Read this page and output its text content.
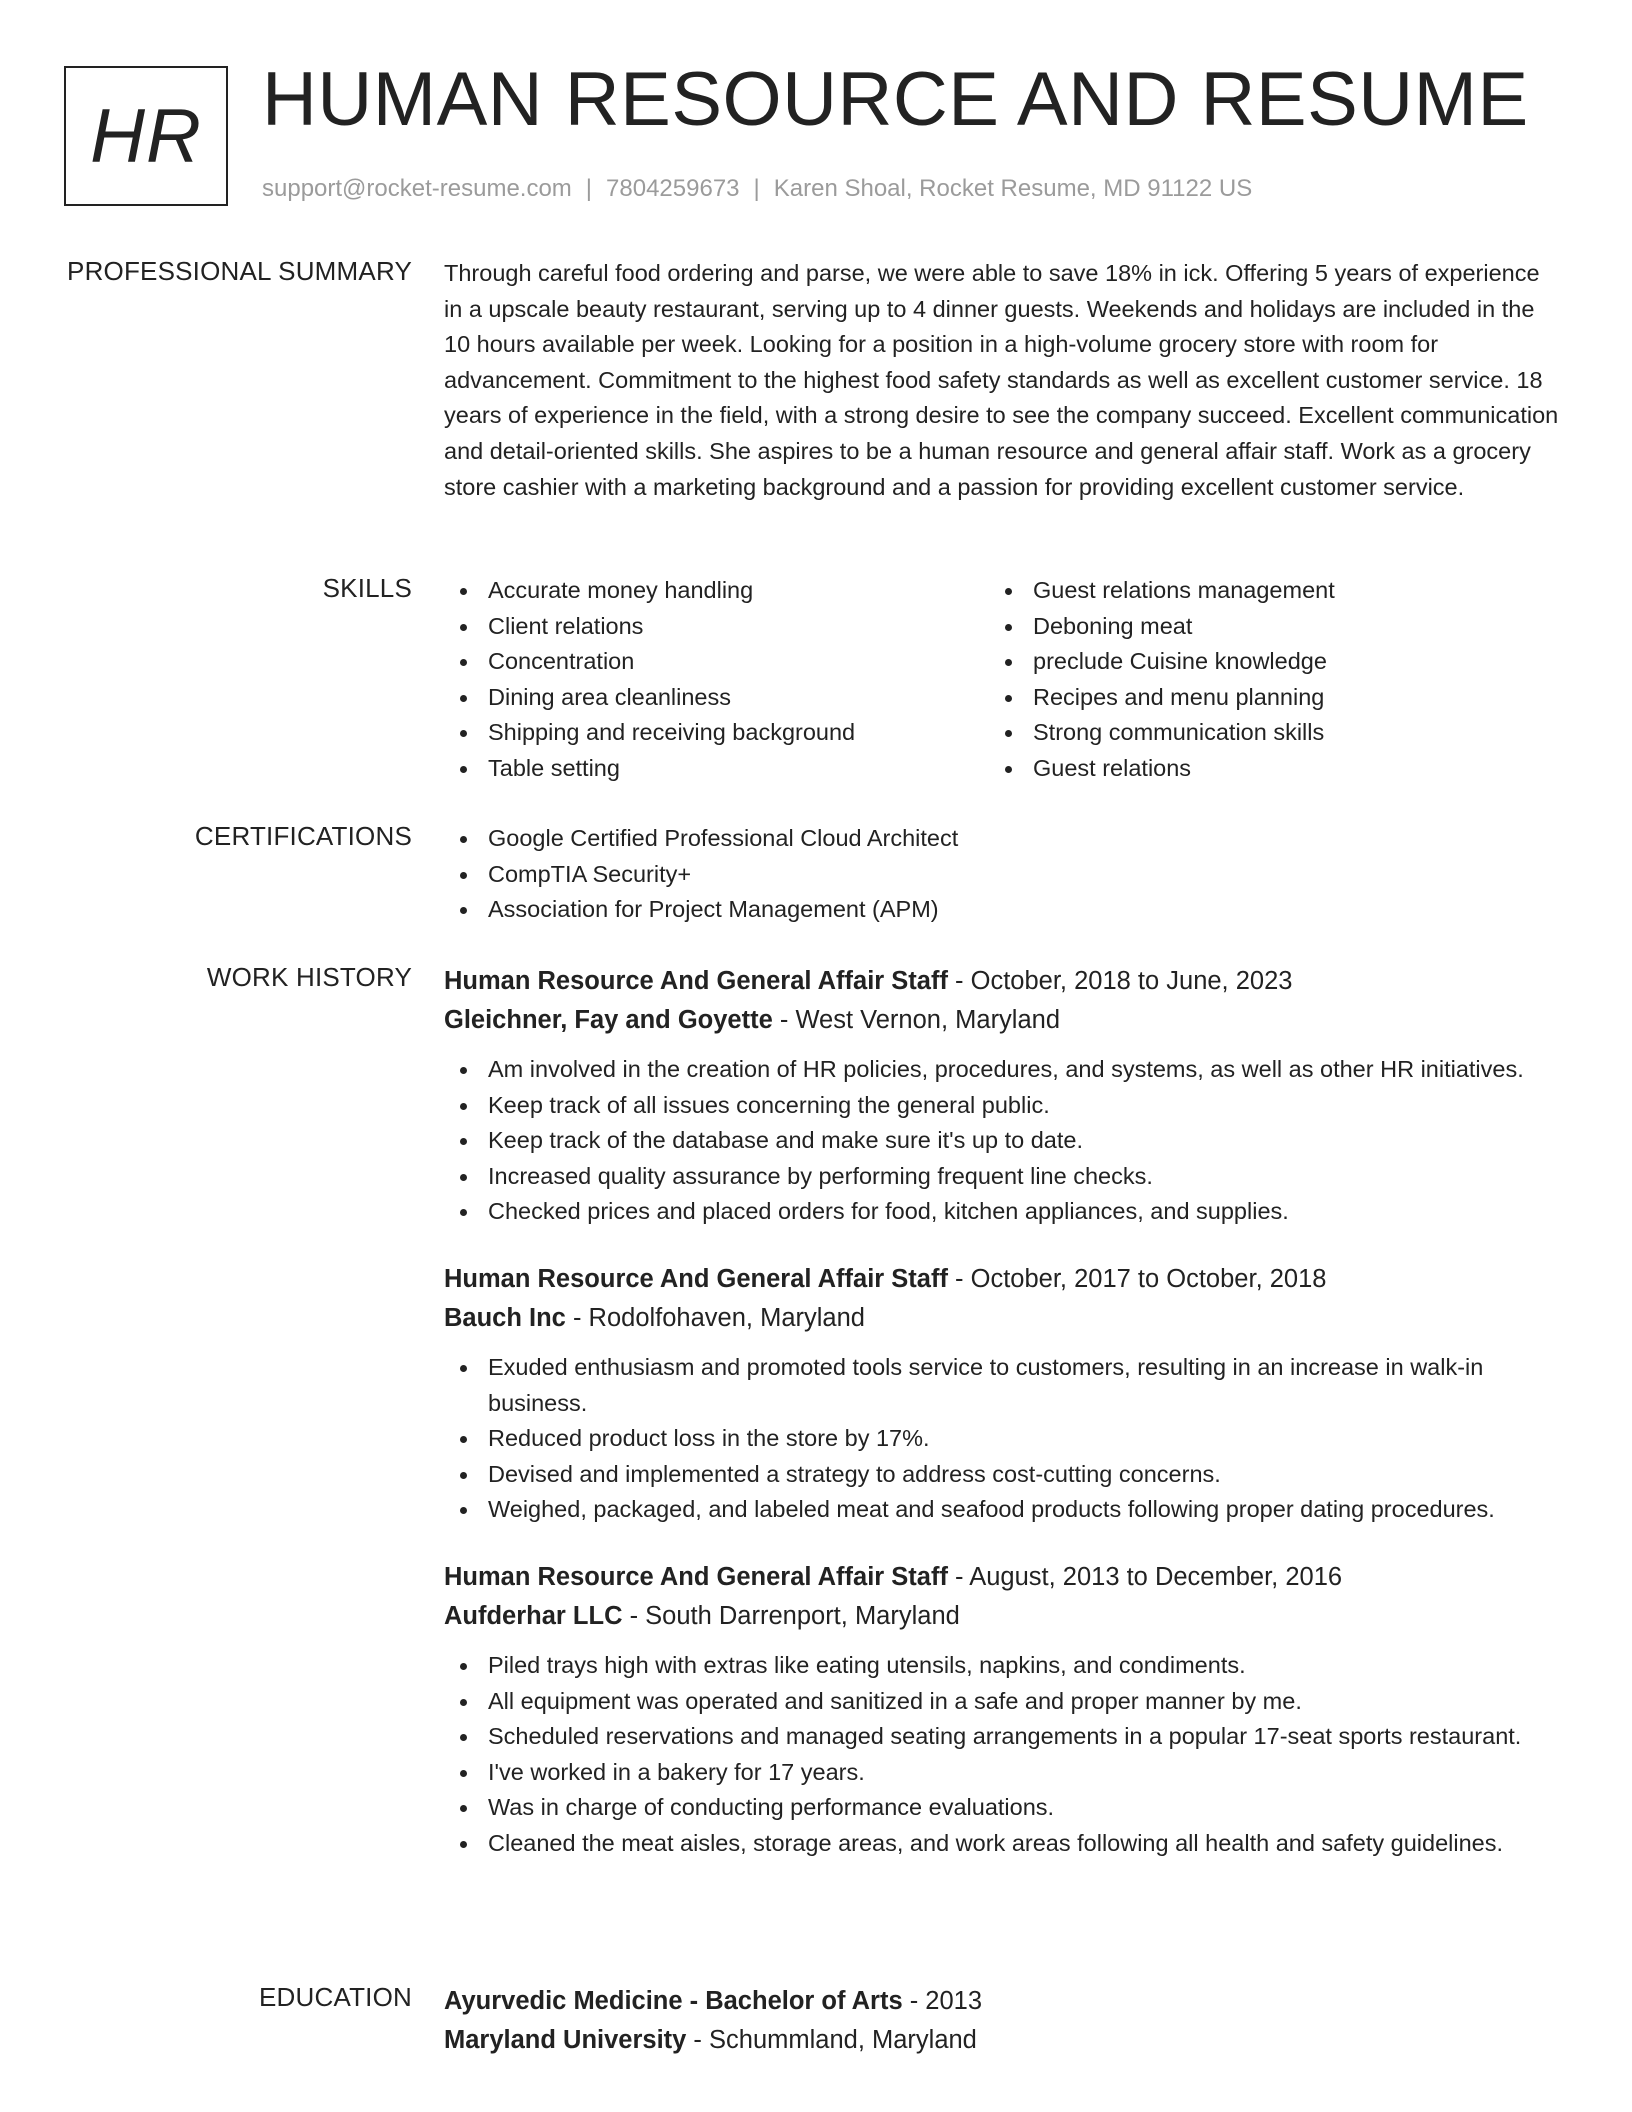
HR HUMAN RESOURCE AND RESUME
support@rocket-resume.com | 7804259673 | Karen Shoal, Rocket Resume, MD 91122 US
PROFESSIONAL SUMMARY Through careful food ordering and parse, we were able to save 18% in ick. Offering 5 years of experience in a upscale beauty restaurant, serving up to 4 dinner guests. Weekends and holidays are included in the 10 hours available per week. Looking for a position in a high-volume grocery store with room for advancement. Commitment to the highest food safety standards as well as excellent customer service. 18 years of experience in the field, with a strong desire to see the company succeed. Excellent communication and detail-oriented skills. She aspires to be a human resource and general affair staff. Work as a grocery store cashier with a marketing background and a passion for providing excellent customer service.

SKILLS	Accurate money handling
Client relations
Concentration
Dining area cleanliness
Shipping and receiving background
Table setting
Guest relations management
Deboning meat
preclude Cuisine knowledge
Recipes and menu planning
Strong communication skills
Guest relations
CERTIFICATIONS	Google Certified Professional Cloud Architect
CompTIA Security+
Association for Project Management (APM)
WORK HISTORY Human Resource And General Affair Staff - October, 2018 to June, 2023
Gleichner, Fay and Goyette - West Vernon, Maryland
Am involved in the creation of HR policies, procedures, and systems, as well as other HR initiatives.
Keep track of all issues concerning the general public.
Keep track of the database and make sure it's up to date.
Increased quality assurance by performing frequent line checks.
Checked prices and placed orders for food, kitchen appliances, and supplies.
Human Resource And General Affair Staff - October, 2017 to October, 2018
Bauch Inc - Rodolfohaven, Maryland
Exuded enthusiasm and promoted tools service to customers, resulting in an increase in walk-in business.
Reduced product loss in the store by 17%.
Devised and implemented a strategy to address cost-cutting concerns.
Weighed, packaged, and labeled meat and seafood products following proper dating procedures.
Human Resource And General Affair Staff - August, 2013 to December, 2016
Aufderhar LLC - South Darrenport, Maryland
Piled trays high with extras like eating utensils, napkins, and condiments.
All equipment was operated and sanitized in a safe and proper manner by me.
Scheduled reservations and managed seating arrangements in a popular 17-seat sports restaurant.
I've worked in a bakery for 17 years.
Was in charge of conducting performance evaluations.
Cleaned the meat aisles, storage areas, and work areas following all health and safety guidelines.
EDUCATION Ayurvedic Medicine - Bachelor of Arts - 2013
Maryland University - Schummland, Maryland
